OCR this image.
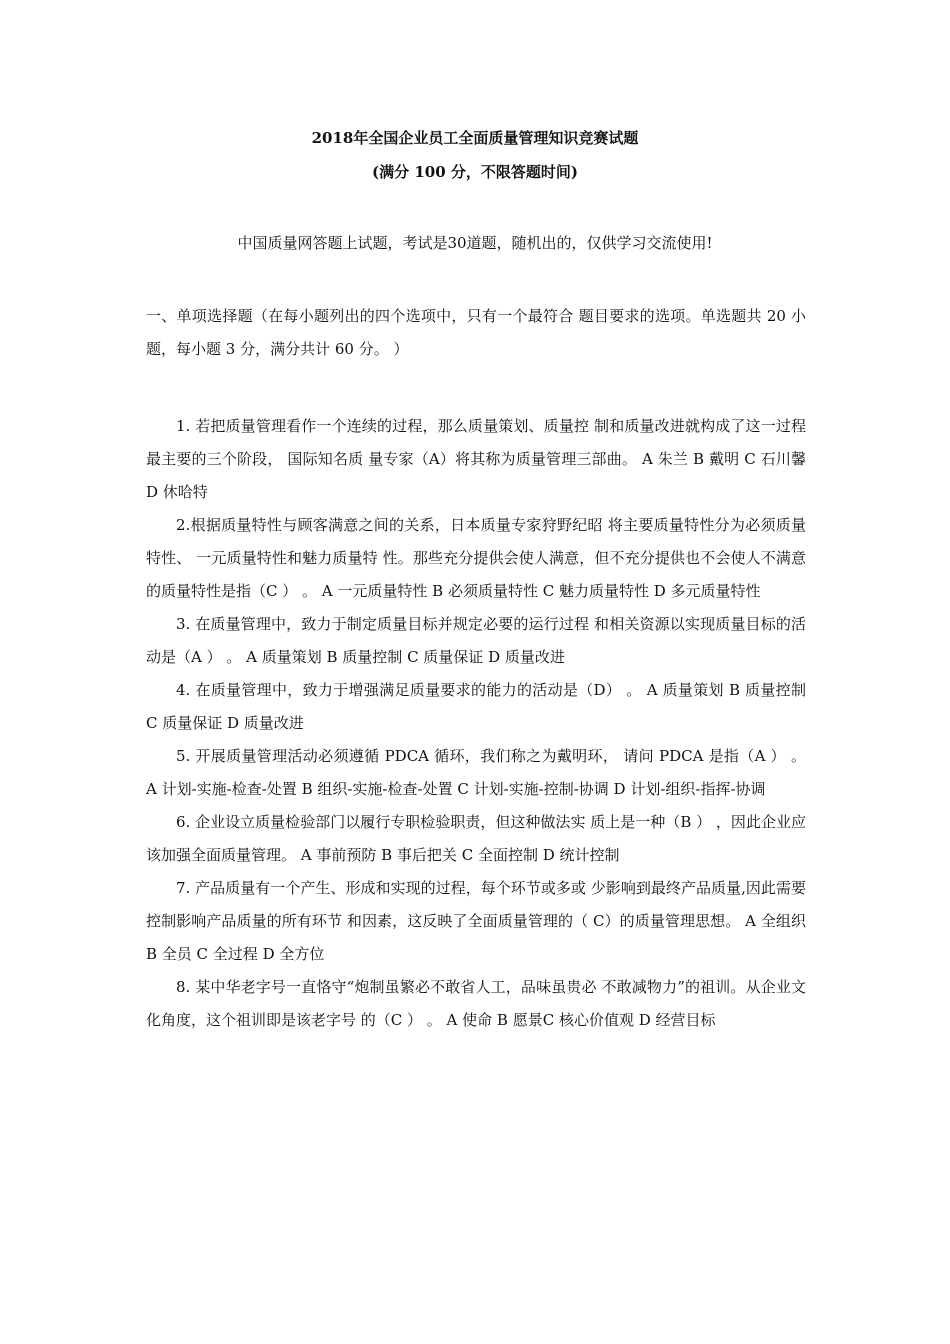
2018年全国企业员工全面质量管理知识竞赛试题
(满分 100 分，不限答题时间)
中国质量网答题上试题，考试是30道题，随机出的，仅供学习交流使用!
一、单项选择题（在每小题列出的四个选项中，只有一个最符合 题目要求的选项。单选题共 20 小题，每小题 3 分，满分共计 60 分。 ）

1. 若把质量管理看作一个连续的过程，那么质量策划、质量控 制和质量改进就构成了这一过程最主要的三个阶段， 国际知名质 量专家（A）将其称为质量管理三部曲。 A 朱兰 B 戴明 C 石川馨 D 休哈特

2.根据质量特性与顾客满意之间的关系，日本质量专家狩野纪昭 将主要质量特性分为必须质量特性、 一元质量特性和魅力质量特 性。那些充分提供会使人满意，但不充分提供也不会使人不满意 的质量特性是指（C ） 。 A 一元质量特性 B 必须质量特性 C 魅力质量特性 D 多元质量特性

3. 在质量管理中，致力于制定质量目标并规定必要的运行过程 和相关资源以实现质量目标的活动是（A ） 。 A 质量策划 B 质量控制 C 质量保证 D 质量改进

4. 在质量管理中，致力于增强满足质量要求的能力的活动是（D） 。 A 质量策划 B 质量控制 C 质量保证 D 质量改进

5. 开展质量管理活动必须遵循 PDCA 循环，我们称之为戴明环， 请问 PDCA 是指（A ） 。 A 计划-实施-检查-处置 B 组织-实施-检查-处置 C 计划-实施-控制-协调 D 计划-组织-指挥-协调

6. 企业设立质量检验部门以履行专职检验职责，但这种做法实 质上是一种（B ） ，因此企业应该加强全面质量管理。 A 事前预防 B 事后把关 C 全面控制 D 统计控制

7. 产品质量有一个产生、形成和实现的过程，每个环节或多或 少影响到最终产品质量,因此需要控制影响产品质量的所有环节 和因素，这反映了全面质量管理的（ C）的质量管理思想。 A 全组织 B 全员 C 全过程 D 全方位

8. 某中华老字号一直恪守“炮制虽繁必不敢省人工，品味虽贵必 不敢减物力”的祖训。从企业文化角度，这个祖训即是该老字号 的（C ） 。 A 使命 B 愿景C 核心价值观 D 经营目标
